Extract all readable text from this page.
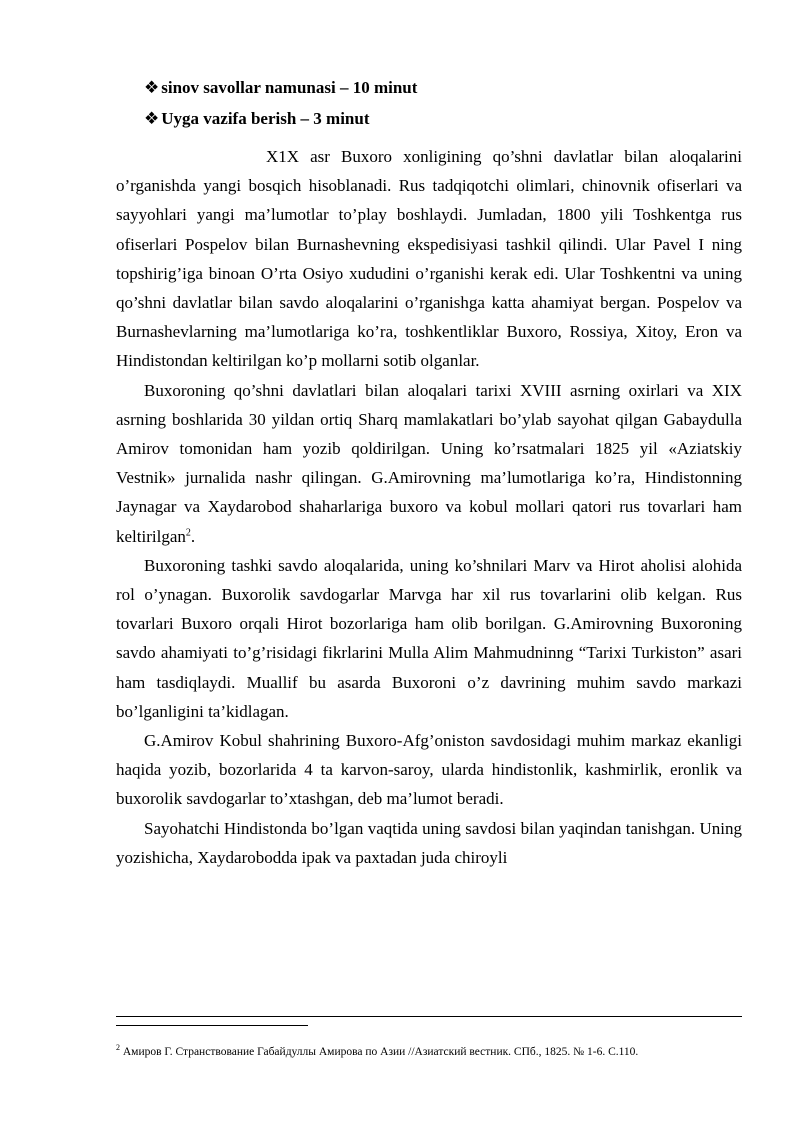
❖ sinov savollar namunasi – 10 minut
❖ Uyga vazifa berish – 3 minut

X1X asr Buxoro xonligining qo’shni davlatlar bilan aloqalarini o’rganishda yangi bosqich hisoblanadi. Rus tadqiqotchi olimlari, chinovnik ofiserlari va sayyohlari yangi ma’lumotlar to’play boshlaydi. Jumladan, 1800 yili Toshkentga rus ofiserlari Pospelov bilan Burnashevning ekspedisiyasi tashkil qilindi. Ular Pavel I ning topshirig’iga binoan O’rta Osiyo xududini o’rganishi kerak edi. Ular Toshkentni va uning qo’shni davlatlar bilan savdo aloqalarini o’rganishga katta ahamiyat bergan. Pospelov va Burnashevlarning ma’lumotlariga ko’ra, toshkentliklar Buxoro, Rossiya, Xitoy, Eron va Hindistondan keltirilgan ko’p mollarni sotib olganlar.

Buxoroning qo’shni davlatlari bilan aloqalari tarixi XVIII asrning oxirlari va XIX asrning boshlarida 30 yildan ortiq Sharq mamlakatlari bo’ylab sayohat qilgan Gabaydulla Amirov tomonidan ham yozib qoldirilgan. Uning ko’rsatmalari 1825 yil «Aziatskiy Vestnik» jurnalida nashr qilingan. G.Amirovning ma’lumotlariga ko’ra, Hindistonning Jaynagar va Xaydarobod shaharlariga buxoro va kobul mollari qatori rus tovarlari ham keltirilgan$^2$.

Buxoroning tashki savdo aloqalarida, uning ko’shnilari Marv va Hirot aholisi alohida rol o’ynagan. Buxorolik savdogarlar Marvga har xil rus tovarlarini olib kelgan. Rus tovarlari Buxoro orqali Hirot bozorlariga ham olib borilgan. G.Amirovning Buxoroning savdo ahamiyati to’g’risidagi fikrlarini Mulla Alim Mahmudninng “Tarixi Turkiston” asari ham tasdiqlaydi. Muallif bu asarda Buxoroni o’z davrining muhim savdo markazi bo’lganligini ta’kidlagan.

G.Amirov Kobul shahrining Buxoro-Afg’oniston savdosidagi muhim markaz ekanligi haqida yozib, bozorlarida 4 ta karvon-saroy, ularda hindistonlik, kashmirlik, eronlik va buxorolik savdogarlar to’xtashgan, deb ma’lumot beradi.

Sayohatchi Hindistonda bo’lgan vaqtida uning savdosi bilan yaqindan tanishgan. Uning yozishicha, Xaydarobodda ipak va paxtadan juda chiroyli

$^2$ Амиров Г. Странствование Габайдуллы Амирова по Азии //Азиатский вестник. СПб., 1825. № 1-6. С.110.
